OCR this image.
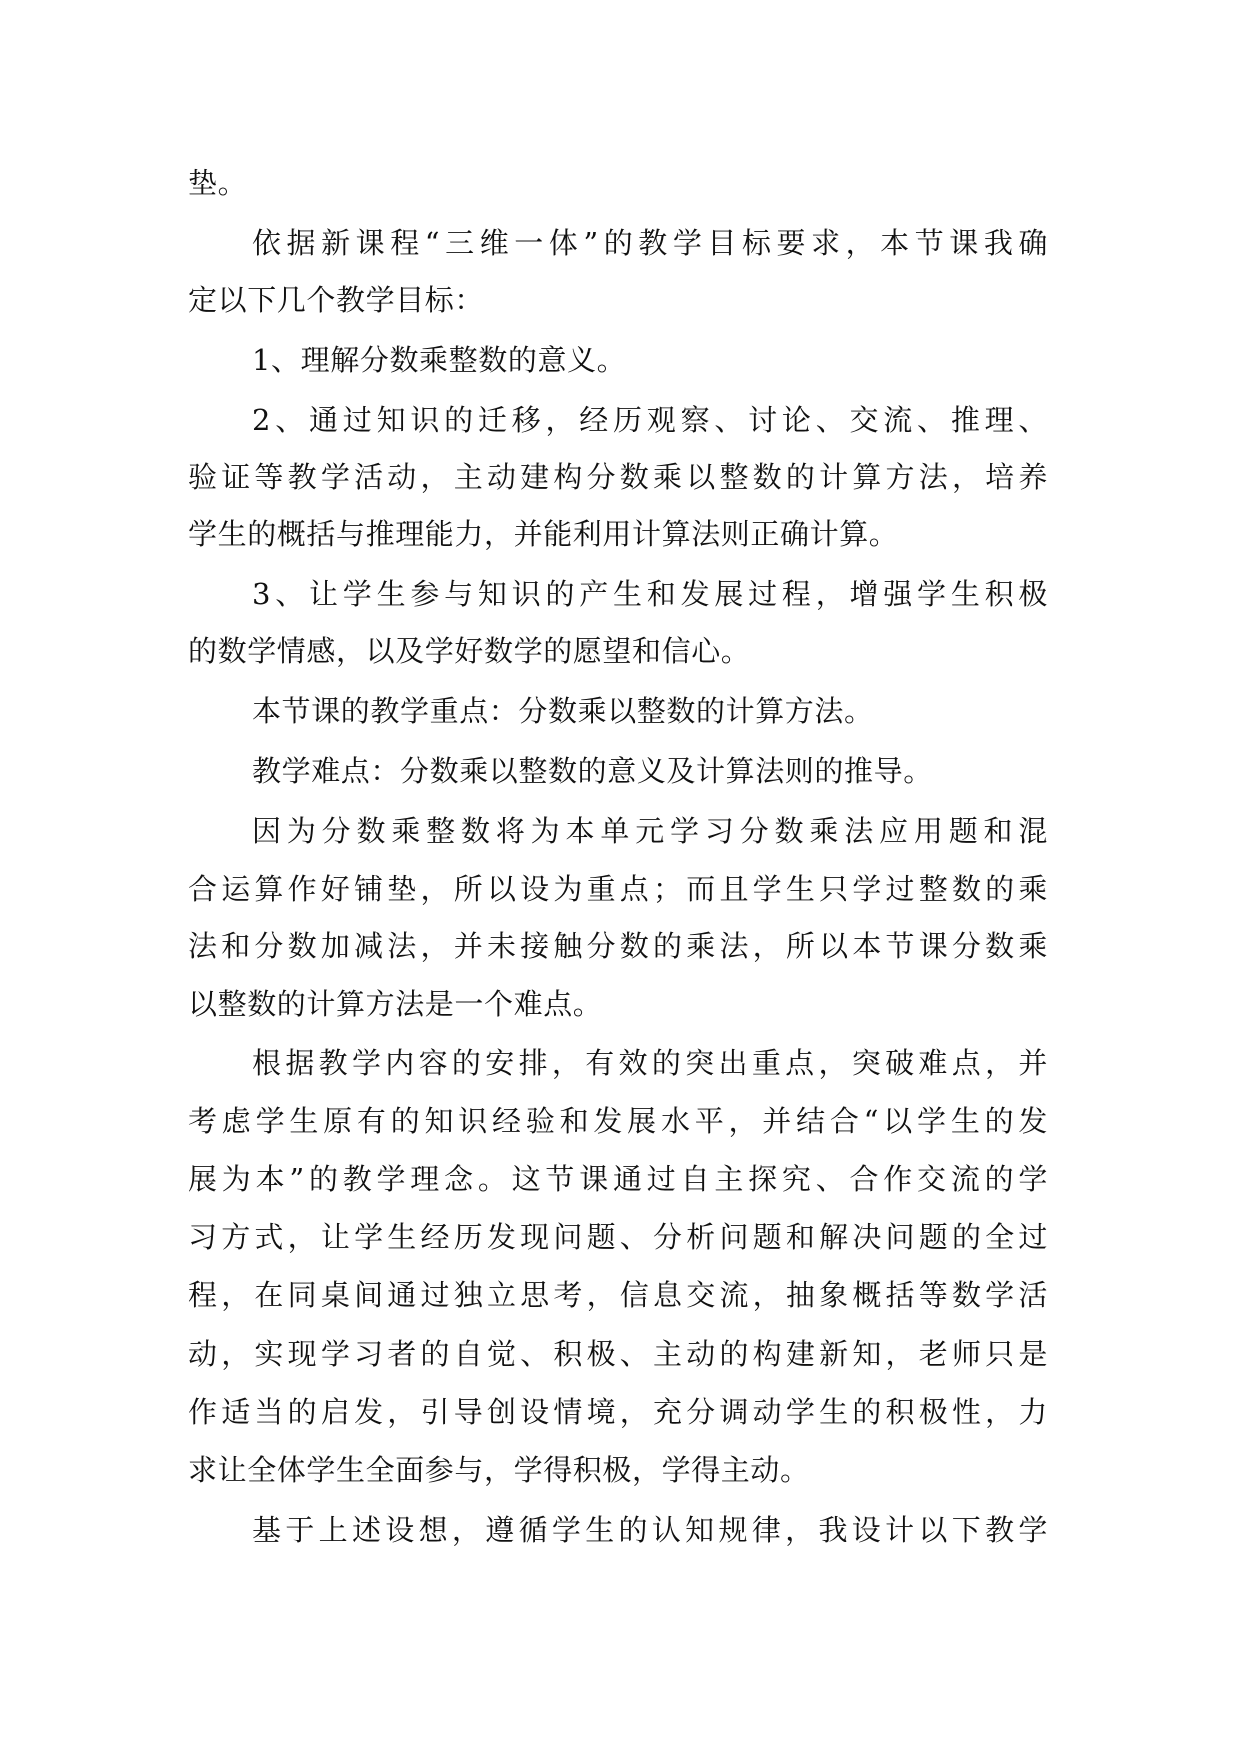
垫。
依据新课程“三维一体”的教学目标要求，本节课我确
定以下几个教学目标：
1、理解分数乘整数的意义。
2、通过知识的迁移，经历观察、讨论、交流、推理、
验证等教学活动，主动建构分数乘以整数的计算方法，培养
学生的概括与推理能力，并能利用计算法则正确计算。
3、让学生参与知识的产生和发展过程，增强学生积极
的数学情感，以及学好数学的愿望和信心。
本节课的教学重点：分数乘以整数的计算方法。
教学难点：分数乘以整数的意义及计算法则的推导。
因为分数乘整数将为本单元学习分数乘法应用题和混
合运算作好铺垫，所以设为重点；而且学生只学过整数的乘
法和分数加减法，并未接触分数的乘法，所以本节课分数乘
以整数的计算方法是一个难点。
根据教学内容的安排，有效的突出重点，突破难点，并
考虑学生原有的知识经验和发展水平，并结合“以学生的发
展为本”的教学理念。这节课通过自主探究、合作交流的学
习方式，让学生经历发现问题、分析问题和解决问题的全过
程，在同桌间通过独立思考，信息交流，抽象概括等数学活
动，实现学习者的自觉、积极、主动的构建新知，老师只是
作适当的启发，引导创设情境，充分调动学生的积极性，力
求让全体学生全面参与，学得积极，学得主动。
基于上述设想，遵循学生的认知规律，我设计以下教学
